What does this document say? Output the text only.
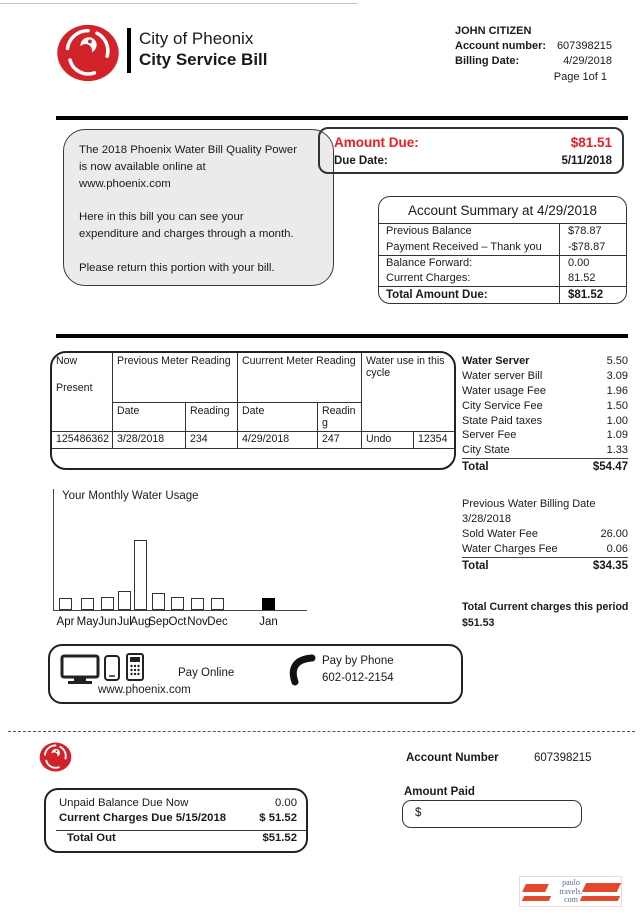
City of Pheonix
City Service Bill
JOHN CITIZEN
Account number: 607398215
Billing Date:	4/29/2018
Page 1of 1
The 2018 Phoenix Water Bill Quality Power
is now available online at
www.phoenix.com
Here in this bill you can see your
expenditure and charges through a month.
Please return this portion with your bill.
Amount Due:	$81.51
Due Date:	5/11/2018
Account Summary at 4/29/2018
Previous Balance	$78.87
Payment Received – Thank you	-$78.87
Balance Forward:	0.00
Current Charges:	81.52
Total Amount Due:	$81.52
Now
Present	Previous Meter Reading		Cuurrent Meter Reading		Water use in this cycle	
	Date	Reading	Date	Readin g		
125486362	3/28/2018	234	4/29/2018	247	Undo	12354
Water Server	5.50
Water server Bill	3.09
Water usage Fee	1.96
City Service Fee	1.50
State Paid taxes	1.00
Server Fee	1.09
City State	1.33
Total	$54.47
Your Monthly Water Usage
Apr May Jun Jul
Aug
Sep Oct Nov Dec	Jan
Previous Water Billing Date
3/28/2018
Sold Water Fee	26.00
Water Charges Fee	0.06
Total	$34.35
Total Current charges this period
$51.53
Pay Online
www.phoenix.com
Pay by Phone
602-012-2154
Account Number	607398215
Unpaid Balance Due Now	0.00
Current Charges Due 5/15/2018	$ 51.52
Total Out	$51.52
Amount Paid
$
paulo
travels.
com
